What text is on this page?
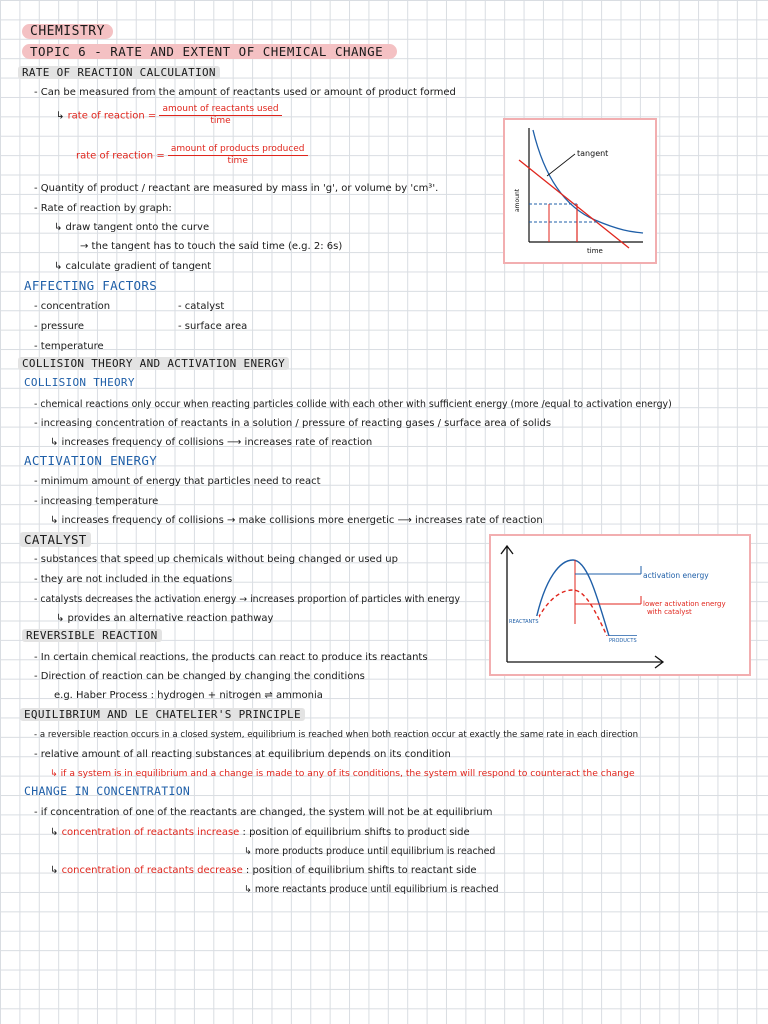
CHEMISTRY
TOPIC 6 - RATE AND EXTENT OF CHEMICAL CHANGE
RATE OF REACTION CALCULATION
- Can be measured from the amount of reactants used or amount of product formed
↳ rate of reaction = $\frac{\text{amount of reactants used}}{\text{time}}$
rate of reaction = $\frac{\text{amount of products produced}}{\text{time}}$
- Quantity of product / reactant are measured by mass in 'g', or volume by 'cm³'.
- Rate of reaction by graph:
↳ draw tangent onto the curve
→ the tangent has to touch the said time (e.g. 2: 6s)
↳ calculate gradient of tangent
tangent
amount
time
AFFECTING FACTORS
- concentration
- pressure
- temperature
- catalyst
- surface area
COLLISION THEORY AND ACTIVATION ENERGY
COLLISION THEORY
- chemical reactions only occur when reacting particles collide with each other with sufficient energy (more /equal to activation energy)
- increasing concentration of reactants in a solution / pressure of reacting gases / surface area of solids
↳ increases frequency of collisions ⟶ increases rate of reaction
ACTIVATION ENERGY
- minimum amount of energy that particles need to react
- increasing temperature
↳ increases frequency of collisions → make collisions more energetic ⟶ increases rate of reaction
CATALYST
- substances that speed up chemicals without being changed or used up
- they are not included in the equations
- catalysts decreases the activation energy → increases proportion of particles with energy
↳ provides an alternative reaction pathway	REACTANTS
PRODUCTS
activation energy
lower activation energy
with catalyst
REVERSIBLE REACTION
- In certain chemical reactions, the products can react to produce its reactants
- Direction of reaction can be changed by changing the conditions
e.g. Haber Process : hydrogen + nitrogen ⇌ ammonia
EQUILIBRIUM AND LE CHATELIER'S PRINCIPLE
- a reversible reaction occurs in a closed system, equilibrium is reached when both reaction occur at exactly the same rate in each direction
- relative amount of all reacting substances at equilibrium depends on its condition
↳ if a system is in equilibrium and a change is made to any of its conditions, the system will respond to counteract the change
CHANGE IN CONCENTRATION
- if concentration of one of the reactants are changed, the system will not be at equilibrium
↳ concentration of reactants increase : position of equilibrium shifts to product side
↳ more products produce until equilibrium is reached
↳ concentration of reactants decrease : position of equilibrium shifts to reactant side
↳ more reactants produce until equilibrium is reached
